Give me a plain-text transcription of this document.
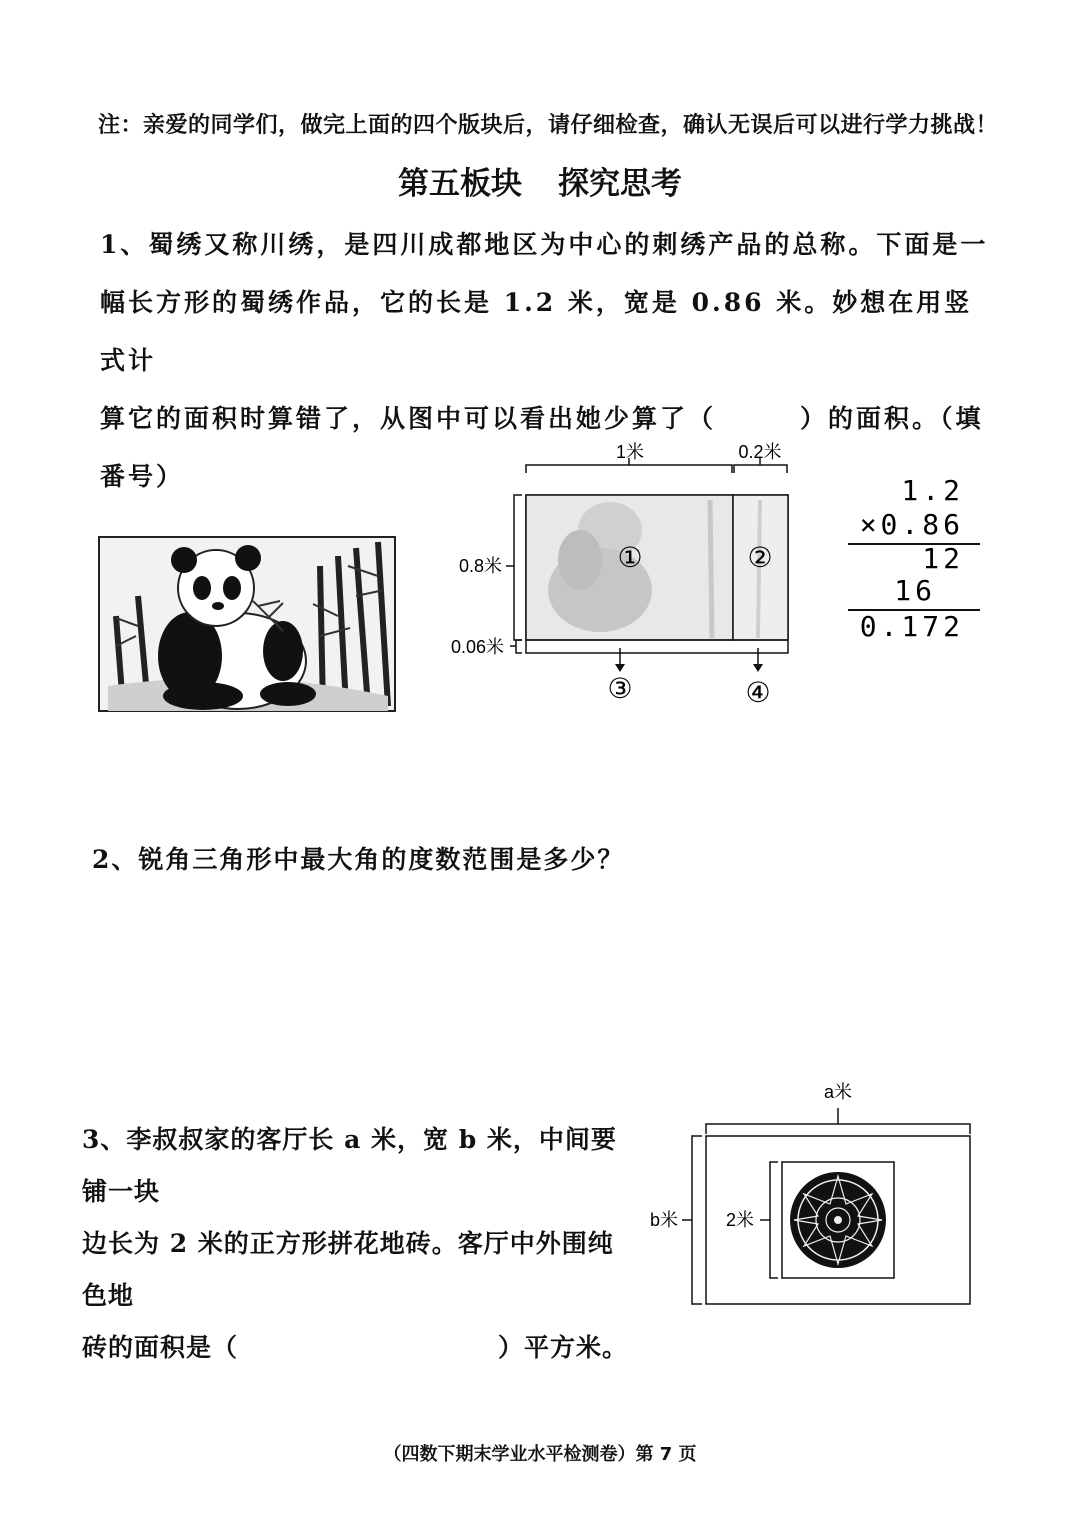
注：亲爱的同学们，做完上面的四个版块后，请仔细检查，确认无误后可以进行学力挑战！
第五板块 探究思考
1、蜀绣又称川绣，是四川成都地区为中心的刺绣产品的总称。下面是一
幅长方形的蜀绣作品，它的长是 1.2 米，宽是 0.86 米。妙想在用竖式计
算它的面积时算错了，从图中可以看出她少算了（　　　）的面积。（填
番号）
1米	0.2米
0.8米
0.06米
①	②
③	④
1.2
×0.86
12
16
0.172
2、锐角三角形中最大角的度数范围是多少？
3、李叔叔家的客厅长 a 米，宽 b 米，中间要铺一块
边长为 2 米的正方形拼花地砖。客厅中外围纯色地
砖的面积是（　　　　　　　　　　）平方米。
a米
b米	2米
（四数下期末学业水平检测卷）第 7 页
